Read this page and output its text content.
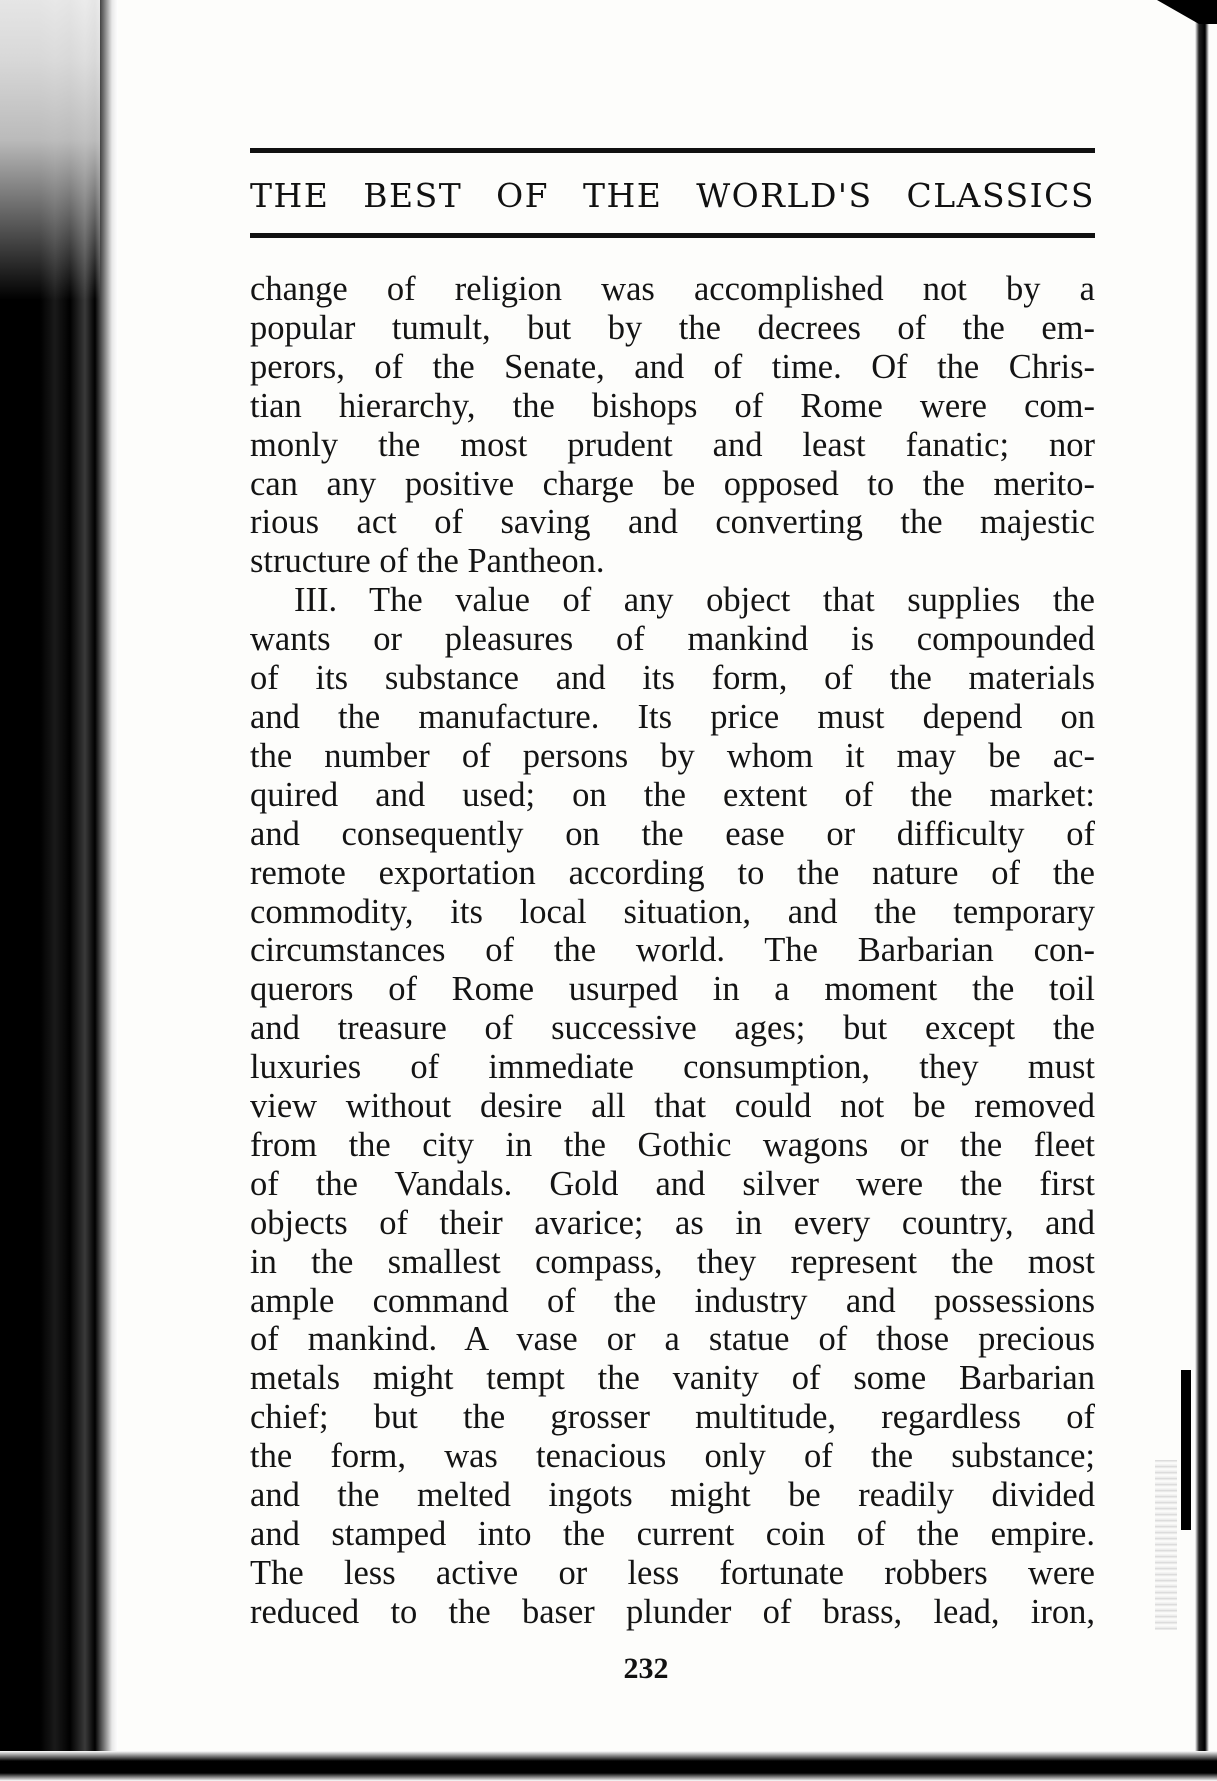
THE BEST OF THE WORLD'S CLASSICS

change of religion was accomplished not by a
popular tumult, but by the decrees of the em-
perors, of the Senate, and of time. Of the Chris-
tian hierarchy, the bishops of Rome were com-
monly the most prudent and least fanatic; nor
can any positive charge be opposed to the merito-
rious act of saving and converting the majestic
structure of the Pantheon.

III. The value of any object that supplies the
wants or pleasures of mankind is compounded
of its substance and its form, of the materials
and the manufacture. Its price must depend on
the number of persons by whom it may be ac-
quired and used; on the extent of the market:
and consequently on the ease or difficulty of
remote exportation according to the nature of the
commodity, its local situation, and the temporary
circumstances of the world. The Barbarian con-
querors of Rome usurped in a moment the toil
and treasure of successive ages; but except the
luxuries of immediate consumption, they must
view without desire all that could not be removed
from the city in the Gothic wagons or the fleet
of the Vandals. Gold and silver were the first
objects of their avarice; as in every country, and
in the smallest compass, they represent the most
ample command of the industry and possessions
of mankind. A vase or a statue of those precious
metals might tempt the vanity of some Barbarian
chief; but the grosser multitude, regardless of
the form, was tenacious only of the substance;
and the melted ingots might be readily divided
and stamped into the current coin of the empire.
The less active or less fortunate robbers were
reduced to the baser plunder of brass, lead, iron,

232
